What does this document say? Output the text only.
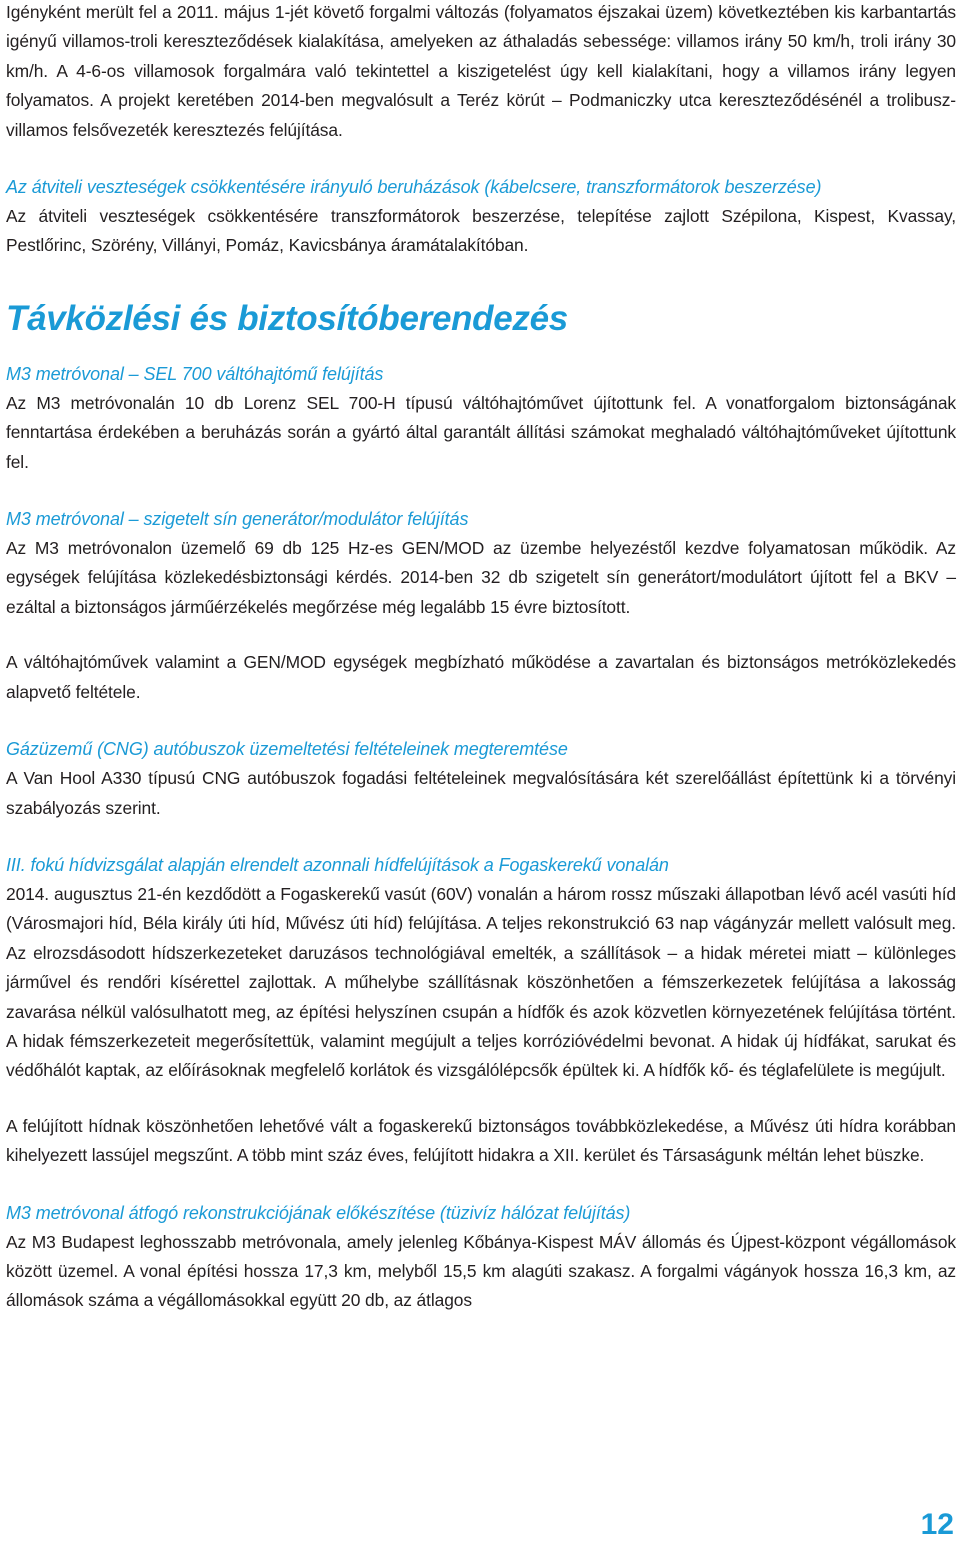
Igényként merült fel a 2011. május 1-jét követő forgalmi változás (folyamatos éjszakai üzem) következtében kis karbantartás igényű villamos-troli kereszteződések kialakítása, amelyeken az áthaladás sebessége: villamos irány 50 km/h, troli irány 30 km/h. A 4-6-os villamosok forgalmára való tekintettel a kiszigetelést úgy kell kialakítani, hogy a villamos irány legyen folyamatos. A projekt keretében 2014-ben megvalósult a Teréz körút – Podmaniczky utca kereszteződésénél a trolibusz-villamos felsővezeték keresztezés felújítása.

Az átviteli veszteségek csökkentésére irányuló beruházások (kábelcsere, transzformátorok beszerzése)

Az átviteli veszteségek csökkentésére transzformátorok beszerzése, telepítése zajlott Szépilona, Kispest, Kvassay, Pestlőrinc, Szörény, Villányi, Pomáz, Kavicsbánya áramátalakítóban.

Távközlési és biztosítóberendezés
M3 metróvonal – SEL 700 váltóhajtómű felújítás

Az M3 metróvonalán 10 db Lorenz SEL 700-H típusú váltóhajtóművet újítottunk fel. A vonatforgalom biztonságának fenntartása érdekében a beruházás során a gyártó által garantált állítási számokat meghaladó váltóhajtóműveket újítottunk fel.

M3 metróvonal – szigetelt sín generátor/modulátor felújítás

Az M3 metróvonalon üzemelő 69 db 125 Hz-es GEN/MOD az üzembe helyezéstől kezdve folyamatosan működik. Az egységek felújítása közlekedésbiztonsági kérdés. 2014-ben 32 db szigetelt sín generátort/modulátort újított fel a BKV – ezáltal a biztonságos járműérzékelés megőrzése még legalább 15 évre biztosított.

A váltóhajtóművek valamint a GEN/MOD egységek megbízható működése a zavartalan és biztonságos metróközlekedés alapvető feltétele.

Gázüzemű (CNG) autóbuszok üzemeltetési feltételeinek megteremtése

A Van Hool A330 típusú CNG autóbuszok fogadási feltételeinek megvalósítására két szerelőállást építettünk ki a törvényi szabályozás szerint.

III. fokú hídvizsgálat alapján elrendelt azonnali hídfelújítások a Fogaskerekű vonalán

2014. augusztus 21-én kezdődött a Fogaskerekű vasút (60V) vonalán a három rossz műszaki állapotban lévő acél vasúti híd (Városmajori híd, Béla király úti híd, Művész úti híd) felújítása. A teljes rekonstrukció 63 nap vágányzár mellett valósult meg. Az elrozsdásodott hídszerkezeteket daruzásos technológiával emelték, a szállítások – a hidak méretei miatt – különleges járművel és rendőri kísérettel zajlottak. A műhelybe szállításnak köszönhetően a fémszerkezetek felújítása a lakosság zavarása nélkül valósulhatott meg, az építési helyszínen csupán a hídfők és azok közvetlen környezetének felújítása történt. A hidak fémszerkezeteit megerősítettük, valamint megújult a teljes korrózióvédelmi bevonat. A hidak új hídfákat, sarukat és védőhálót kaptak, az előírásoknak megfelelő korlátok és vizsgálólépcsők épültek ki. A hídfők kő- és téglafelülete is megújult.

A felújított hídnak köszönhetően lehetővé vált a fogaskerekű biztonságos továbbközlekedése, a Művész úti hídra korábban kihelyezett lassújel megszűnt. A több mint száz éves, felújított hidakra a XII. kerület és Társaságunk méltán lehet büszke.

M3 metróvonal átfogó rekonstrukciójának előkészítése (tüzivíz hálózat felújítás)

Az M3 Budapest leghosszabb metróvonala, amely jelenleg Kőbánya-Kispest MÁV állomás és Újpest-központ végállomások között üzemel. A vonal építési hossza 17,3 km, melyből 15,5 km alagúti szakasz. A forgalmi vágányok hossza 16,3 km, az állomások száma a végállomásokkal együtt 20 db, az átlagos

12
